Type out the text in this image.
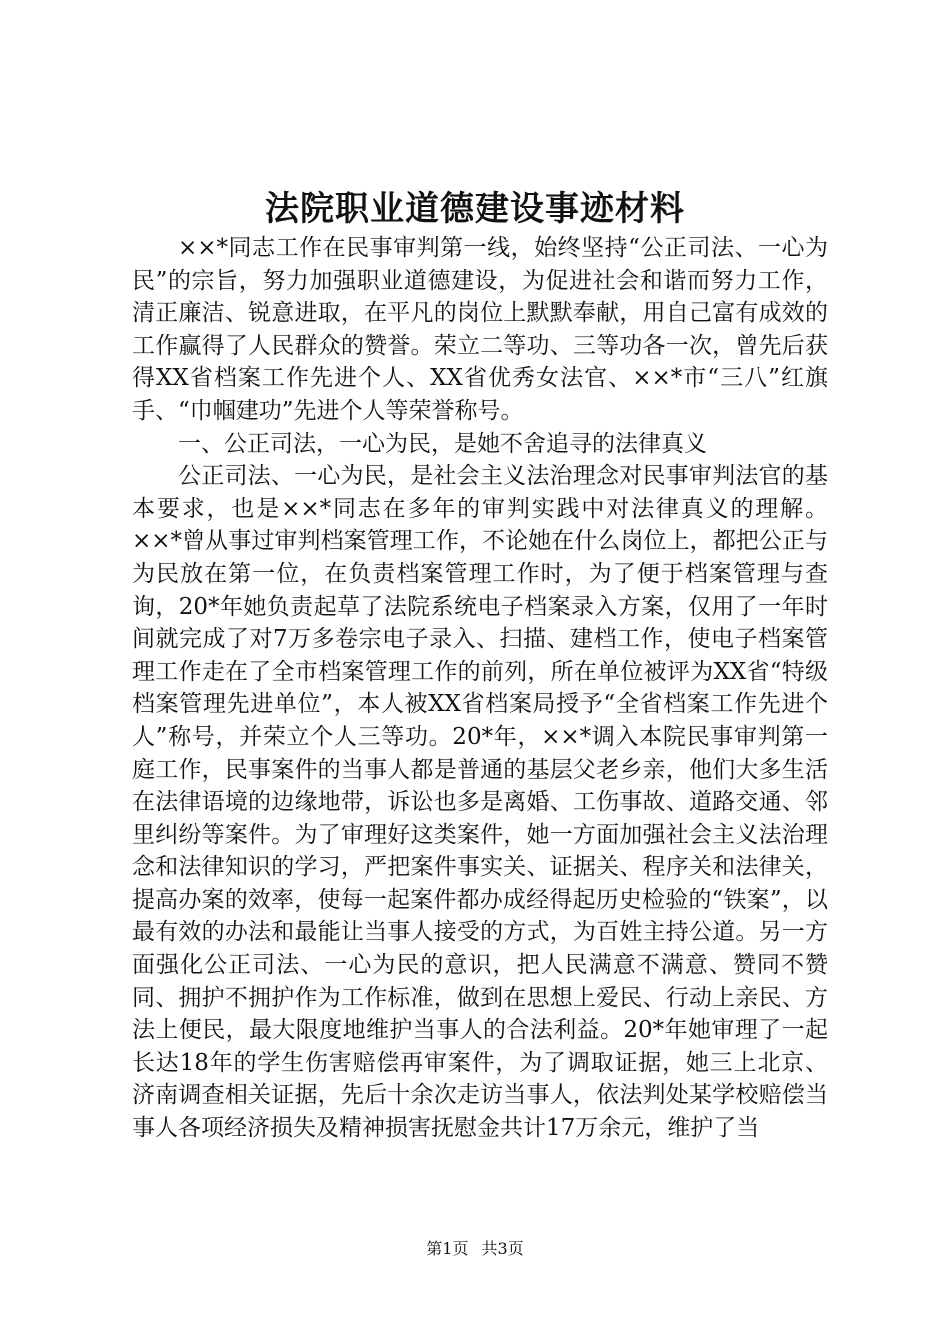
法院职业道德建设事迹材料

××*同志工作在民事审判第一线，始终坚持“公正司法、一心为民”的宗旨，努力加强职业道德建设，为促进社会和谐而努力工作，清正廉洁、锐意进取，在平凡的岗位上默默奉献，用自己富有成效的工作赢得了人民群众的赞誉。荣立二等功、三等功各一次，曾先后获得XX省档案工作先进个人、XX省优秀女法官、××*市“三八”红旗手、“巾帼建功”先进个人等荣誉称号。

一、公正司法，一心为民，是她不舍追寻的法律真义

公正司法、一心为民，是社会主义法治理念对民事审判法官的基本要求，也是××*同志在多年的审判实践中对法律真义的理解。××*曾从事过审判档案管理工作，不论她在什么岗位上，都把公正与为民放在第一位，在负责档案管理工作时，为了便于档案管理与查询，20*年她负责起草了法院系统电子档案录入方案，仅用了一年时间就完成了对7万多卷宗电子录入、扫描、建档工作，使电子档案管理工作走在了全市档案管理工作的前列，所在单位被评为XX省“特级档案管理先进单位”，本人被XX省档案局授予“全省档案工作先进个人”称号，并荣立个人三等功。20*年，××*调入本院民事审判第一庭工作，民事案件的当事人都是普通的基层父老乡亲，他们大多生活在法律语境的边缘地带，诉讼也多是离婚、工伤事故、道路交通、邻里纠纷等案件。为了审理好这类案件，她一方面加强社会主义法治理念和法律知识的学习，严把案件事实关、证据关、程序关和法律关，提高办案的效率，使每一起案件都办成经得起历史检验的“铁案”，以最有效的办法和最能让当事人接受的方式，为百姓主持公道。另一方面强化公正司法、一心为民的意识，把人民满意不满意、赞同不赞同、拥护不拥护作为工作标准，做到在思想上爱民、行动上亲民、方法上便民，最大限度地维护当事人的合法利益。20*年她审理了一起长达18年的学生伤害赔偿再审案件，为了调取证据，她三上北京、济南调查相关证据，先后十余次走访当事人，依法判处某学校赔偿当事人各项经济损失及精神损害抚慰金共计17万余元，维护了当

第1页 共3页
